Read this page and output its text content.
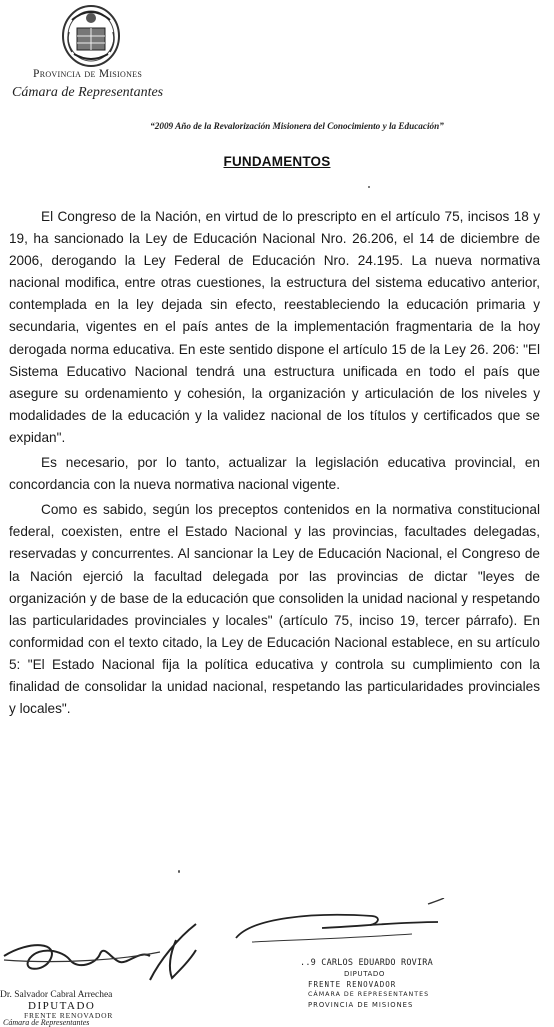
Provincia de Misiones
Cámara de Representantes
“2009 Año de la Revalorización Misionera del Conocimiento y la Educación”
FUNDAMENTOS

El Congreso de la Nación, en virtud de lo prescripto en el artículo 75, incisos 18 y 19, ha sancionado la Ley de Educación Nacional Nro. 26.206, el 14 de diciembre de 2006, derogando la Ley Federal de Educación Nro. 24.195. La nueva normativa nacional modifica, entre otras cuestiones, la estructura del sistema educativo anterior, contemplada en la ley dejada sin efecto, reestableciendo la educación primaria y secundaria, vigentes en el país antes de la implementación fragmentaria de la hoy derogada norma educativa. En este sentido dispone el artículo 15 de la Ley 26. 206: "El Sistema Educativo Nacional tendrá una estructura unificada en todo el país que asegure su ordenamiento y cohesión, la organización y articulación de los niveles y modalidades de la educación y la validez nacional de los títulos y certificados que se expidan".

Es necesario, por lo tanto, actualizar la legislación educativa provincial, en concordancia con la nueva normativa nacional vigente.

Como es sabido, según los preceptos contenidos en la normativa constitucional federal, coexisten, entre el Estado Nacional y las provincias, facultades delegadas, reservadas y concurrentes. Al sancionar la Ley de Educación Nacional, el Congreso de la Nación ejerció la facultad delegada por las provincias de dictar "leyes de organización y de base de la educación que consoliden la unidad nacional y respetando las particularidades provinciales y locales" (artículo 75, inciso 19, tercer párrafo). En conformidad con el texto citado, la Ley de Educación Nacional establece, en su artículo 5: "El Estado Nacional fija la política educativa y controla su cumplimiento con la finalidad de consolidar la unidad nacional, respetando las particularidades provinciales y locales".

Dr. Salvador Cabral Arrechea
DIPUTADO
FRENTE RENOVADOR
Cámara de Representantes
..9 CARLOS EDUARDO ROVIRA
DIPUTADO
FRENTE RENOVADOR
CÁMARA DE REPRESENTANTES
PROVINCIA DE MISIONES
